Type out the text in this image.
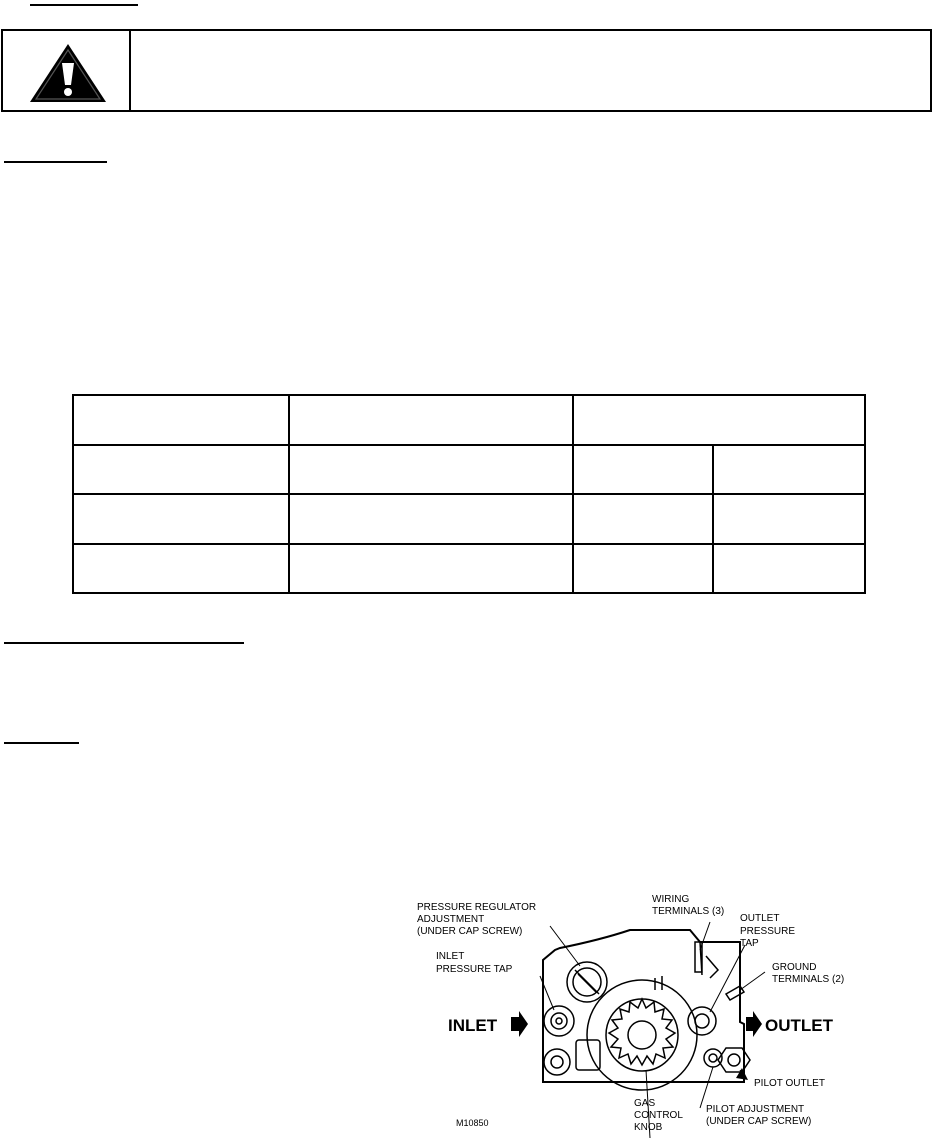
PRESSURE REGULATOR
ADJUSTMENT
(UNDER CAP SCREW)
INLET
PRESSURE TAP
WIRING
TERMINALS (3)
OUTLET
PRESSURE
TAP
GROUND
TERMINALS (2)
INLET	OUTLET
PILOT OUTLET
GAS
CONTROL
KNOB
PILOT ADJUSTMENT
(UNDER CAP SCREW)
M10850
